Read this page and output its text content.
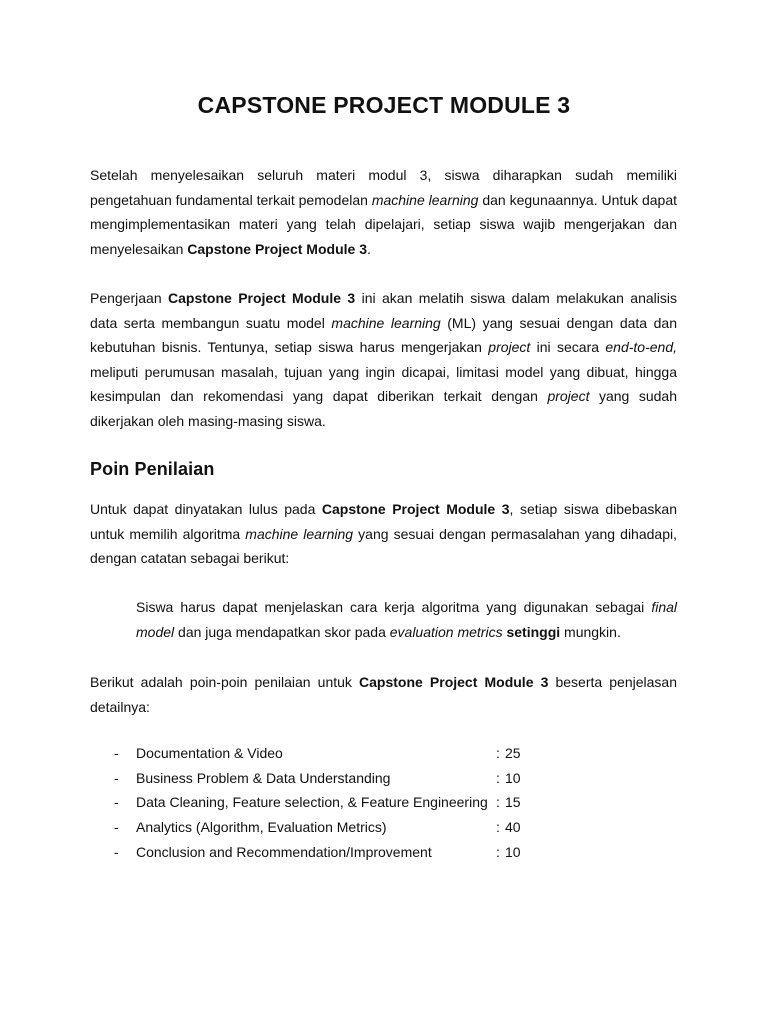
CAPSTONE PROJECT MODULE 3

Setelah menyelesaikan seluruh materi modul 3, siswa diharapkan sudah memiliki pengetahuan fundamental terkait pemodelan machine learning dan kegunaannya. Untuk dapat mengimplementasikan materi yang telah dipelajari, setiap siswa wajib mengerjakan dan menyelesaikan Capstone Project Module 3.

Pengerjaan Capstone Project Module 3 ini akan melatih siswa dalam melakukan analisis data serta membangun suatu model machine learning (ML) yang sesuai dengan data dan kebutuhan bisnis. Tentunya, setiap siswa harus mengerjakan project ini secara end-to-end, meliputi perumusan masalah, tujuan yang ingin dicapai, limitasi model yang dibuat, hingga kesimpulan dan rekomendasi yang dapat diberikan terkait dengan project yang sudah dikerjakan oleh masing-masing siswa.

Poin Penilaian

Untuk dapat dinyatakan lulus pada Capstone Project Module 3, setiap siswa dibebaskan untuk memilih algoritma machine learning yang sesuai dengan permasalahan yang dihadapi, dengan catatan sebagai berikut:

Siswa harus dapat menjelaskan cara kerja algoritma yang digunakan sebagai final model dan juga mendapatkan skor pada evaluation metrics setinggi mungkin.

Berikut adalah poin-poin penilaian untuk Capstone Project Module 3 beserta penjelasan detailnya:

- Documentation & Video	: 25
- Business Problem & Data Understanding	: 10
- Data Cleaning, Feature selection, & Feature Engineering : 15
- Analytics (Algorithm, Evaluation Metrics)	: 40
- Conclusion and Recommendation/Improvement	: 10
